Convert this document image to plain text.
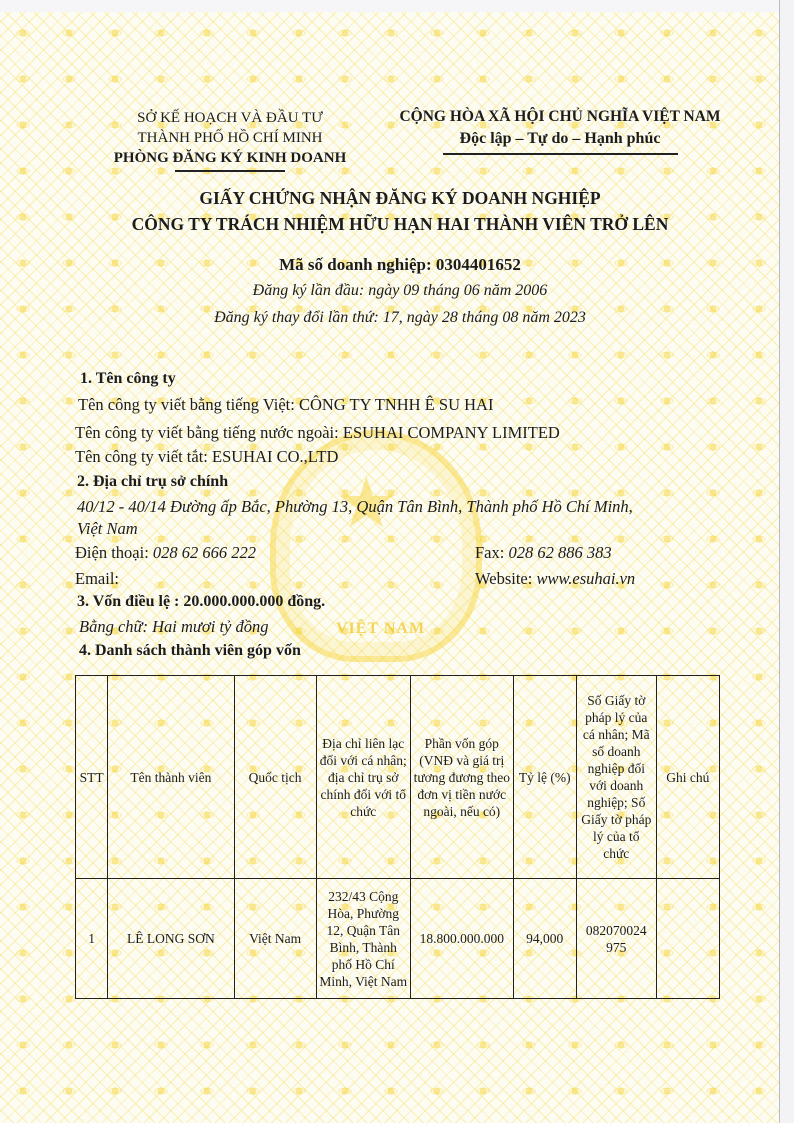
★
VIỆT NAM
SỞ KẾ HOẠCH VÀ ĐẦU TƯ
THÀNH PHỐ HỒ CHÍ MINH
PHÒNG ĐĂNG KÝ KINH DOANH
CỘNG HÒA XÃ HỘI CHỦ NGHĨA VIỆT NAM
Độc lập – Tự do – Hạnh phúc
GIẤY CHỨNG NHẬN ĐĂNG KÝ DOANH NGHIỆP
CÔNG TY TRÁCH NHIỆM HỮU HẠN HAI THÀNH VIÊN TRỞ LÊN
Mã số doanh nghiệp: 0304401652
Đăng ký lần đầu: ngày 09 tháng 06 năm 2006
Đăng ký thay đổi lần thứ: 17, ngày 28 tháng 08 năm 2023
1. Tên công ty
Tên công ty viết bằng tiếng Việt: CÔNG TY TNHH Ê SU HAI
Tên công ty viết bằng tiếng nước ngoài: ESUHAI COMPANY LIMITED
Tên công ty viết tắt: ESUHAI CO.,LTD
2. Địa chỉ trụ sở chính
40/12 - 40/14 Đường ấp Bắc, Phường 13, Quận Tân Bình, Thành phố Hồ Chí Minh,
Việt Nam
Điện thoại: 028 62 666 222	Fax: 028 62 886 383
Email:	Website: www.esuhai.vn
3. Vốn điều lệ : 20.000.000.000 đồng.
Bằng chữ: Hai mươi tỷ đồng
4. Danh sách thành viên góp vốn
STT	Tên thành viên	Quốc tịch	Địa chỉ liên lạc đối với cá nhân; địa chỉ trụ sở chính đối với tổ chức	Phần vốn góp (VNĐ và giá trị tương đương theo đơn vị tiền nước ngoài, nếu có)	Tỷ lệ (%)	Số Giấy tờ pháp lý của cá nhân; Mã số doanh nghiệp đối với doanh nghiệp; Số Giấy tờ pháp lý của tổ chức	Ghi chú
1	LÊ LONG SƠN	Việt Nam	232/43 Cộng Hòa, Phường 12, Quận Tân Bình, Thành phố Hồ Chí Minh, Việt Nam	18.800.000.000	94,000	082070024 975	
